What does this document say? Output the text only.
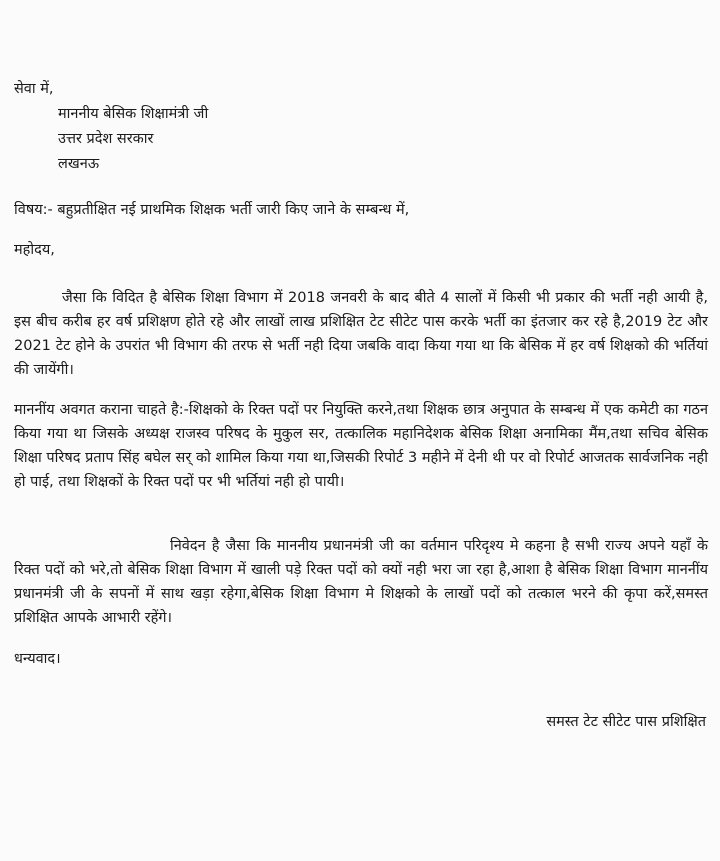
सेवा में,
माननीय बेसिक शिक्षामंत्री जी
उत्तर प्रदेश सरकार
लखनऊ
विषय:- बहुप्रतीक्षित नई प्राथमिक शिक्षक भर्ती जारी किए जाने के सम्बन्ध में,
महोदय,
जैसा कि विदित है बेसिक शिक्षा विभाग में 2018 जनवरी के बाद बीते 4 सालों में किसी भी प्रकार की भर्ती नही आयी है, इस बीच करीब हर वर्ष प्रशिक्षण होते रहे और लाखों लाख प्रशिक्षित टेट सीटेट पास करके भर्ती का इंतजार कर रहे है,2019 टेट और 2021 टेट होने के उपरांत भी विभाग की तरफ से भर्ती नही दिया जबकि वादा किया गया था कि बेसिक में हर वर्ष शिक्षको की भर्तियां की जायेंगी।
माननींय अवगत कराना चाहते है:-शिक्षको के रिक्त पदों पर नियुक्ति करने,तथा शिक्षक छात्र अनुपात के सम्बन्ध में एक कमेटी का गठन किया गया था जिसके अध्यक्ष राजस्व परिषद के मुकुल सर, तत्कालिक महानिदेशक बेसिक शिक्षा अनामिका मैंम,तथा सचिव बेसिक शिक्षा परिषद प्रताप सिंह बघेल सर् को शामिल किया गया था,जिसकी रिपोर्ट 3 महीने में देनी थी पर वो रिपोर्ट आजतक सार्वजनिक नही हो पाई, तथा शिक्षकों के रिक्त पदों पर भी भर्तियां नही हो पायी।
निवेदन है जैसा कि माननीय प्रधानमंत्री जी का वर्तमान परिदृश्य मे कहना है सभी राज्य अपने यहाँ के रिक्त पदों को भरे,तो बेसिक शिक्षा विभाग में खाली पड़े रिक्त पदों को क्यों नही भरा जा रहा है,आशा है बेसिक शिक्षा विभाग माननींय प्रधानमंत्री जी के सपनों में साथ खड़ा रहेगा,बेसिक शिक्षा विभाग मे शिक्षको के लाखों पदों को तत्काल भरने की कृपा करें,समस्त प्रशिक्षित आपके आभारी रहेंगे।
धन्यवाद।
समस्त टेट सीटेट पास प्रशिक्षित
